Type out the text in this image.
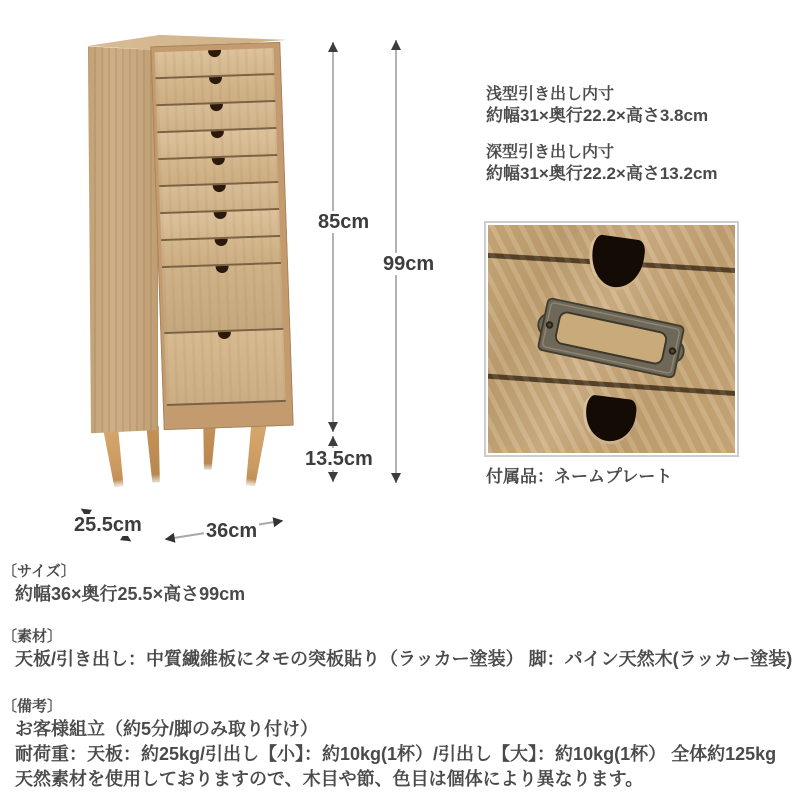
85cm
99cm
13.5cm
25.5cm	36cm

浅型引き出し内寸

約幅31×奥行22.2×高さ3.8cm

深型引き出し内寸

約幅31×奥行22.2×高さ13.2cm

付属品：ネームプレート
〔サイズ〕

約幅36×奥行25.5×高さ99cm

〔素材〕

天板/引き出し：中質繊維板にタモの突板貼り（ラッカー塗装） 脚：パイン天然木(ラッカー塗装)

〔備考〕

お客様組立（約5分/脚のみ取り付け）

耐荷重：天板：約25kg/引出し【小】：約10kg(1杯）/引出し【大】：約10kg(1杯） 全体約125kg

天然素材を使用しておりますので、木目や節、色目は個体により異なります。
